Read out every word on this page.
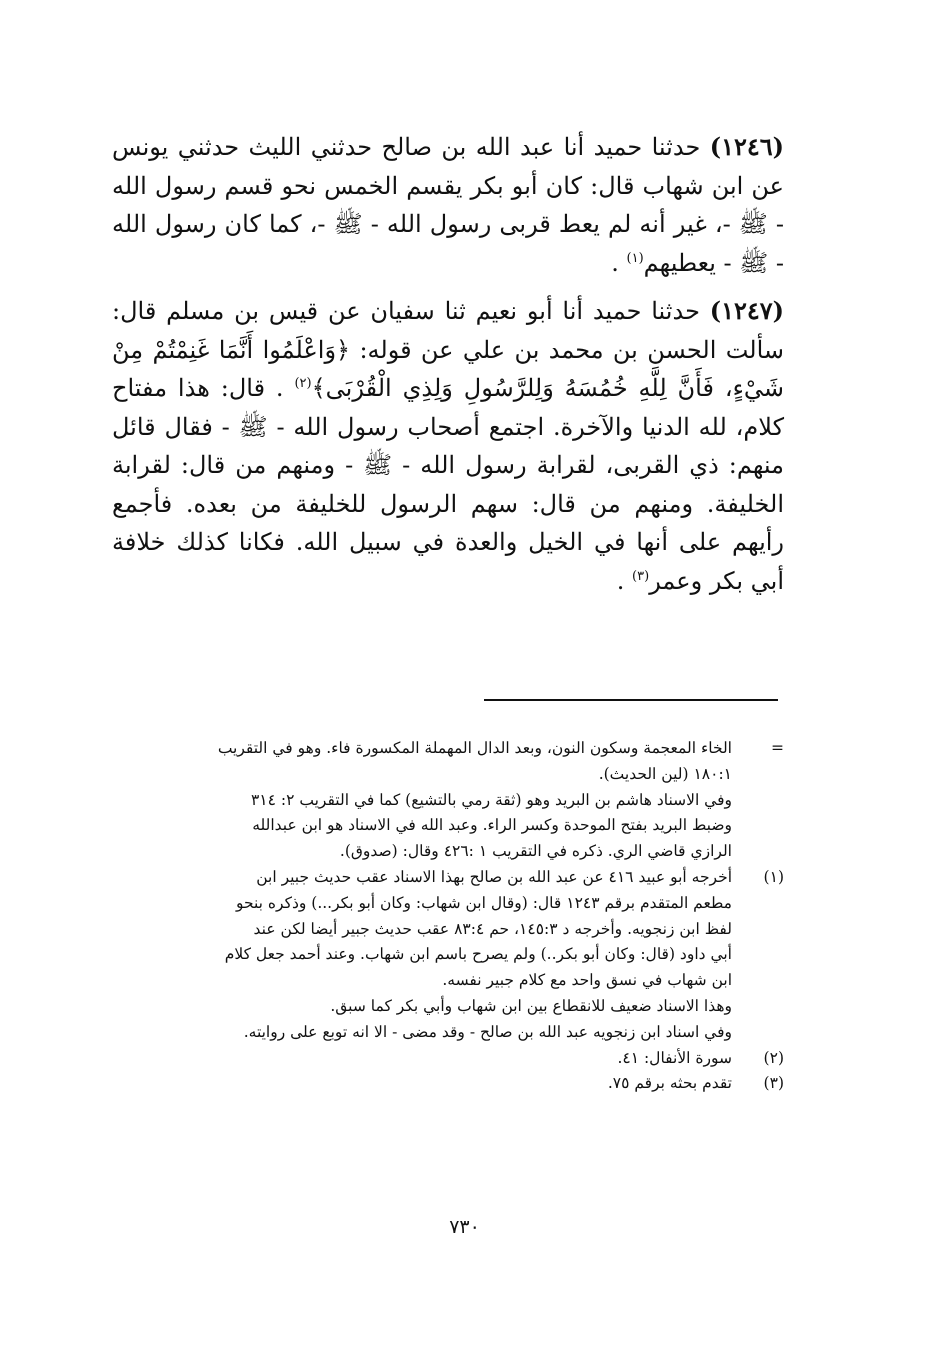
(١٢٤٦) حدثنا حميد أنا عبد الله بن صالح حدثني الليث حدثني يونس عن ابن شهاب قال: كان أبو بكر يقسم الخمس نحو قسم رسول الله - ﷺ -، غير أنه لم يعط قربى رسول الله - ﷺ -، كما كان رسول الله - ﷺ - يعطيهم$^{(١)}$ .

(١٢٤٧) حدثنا حميد أنا أبو نعيم ثنا سفيان عن قيس بن مسلم قال: سألت الحسن بن محمد بن علي عن قوله: ﴿وَاعْلَمُوا أَنَّمَا غَنِمْتُمْ مِنْ شَيْءٍ، فَأَنَّ لِلَّهِ خُمُسَهُ وَلِلرَّسُولِ وَلِذِي الْقُرْبَى﴾$^{(٢)}$ . قال: هذا مفتاح كلام، لله الدنيا والآخرة. اجتمع أصحاب رسول الله - ﷺ - فقال قائل منهم: ذي القربى، لقرابة رسول الله - ﷺ - ومنهم من قال: لقرابة الخليفة. ومنهم من قال: سهم الرسول للخليفة من بعده. فأجمع رأيهم على أنها في الخيل والعدة في سبيل الله. فكانا كذلك خلافة أبي بكر وعمر$^{(٣)}$ .

=
الخاء المعجمة وسكون النون، وبعد الدال المهملة المكسورة فاء. وهو في التقريب
١٨٠:١ (لين الحديث).
وفي الاسناد هاشم بن البريد وهو (ثقة رمي بالتشيع) كما في التقريب ٢: ٣١٤
وضبط البريد بفتح الموحدة وكسر الراء. وعبد الله في الاسناد هو ابن عبدالله
الرازي قاضي الري. ذكره في التقريب ١ :٤٢٦ وقال: (صدوق).
(١)
أخرجه أبو عبيد ٤١٦ عن عبد الله بن صالح بهذا الاسناد عقب حديث جبير ابن
مطعم المتقدم برقم ١٢٤٣ قال: (وقال ابن شهاب: وكان أبو بكر...) وذكره بنحو
لفظ ابن زنجويه. وأخرجه د ١٤٥:٣، حم ٨٣:٤ عقب حديث جبير أيضا لكن عند
أبي داود (قال: وكان أبو بكر..) ولم يصرح باسم ابن شهاب. وعند أحمد جعل كلام
ابن شهاب في نسق واحد مع كلام جبير نفسه.
وهذا الاسناد ضعيف للانقطاع بين ابن شهاب وأبي بكر كما سبق.
وفي اسناد ابن زنجويه عبد الله بن صالح - وقد مضى - الا انه توبع على روايته.
(٢)
سورة الأنفال: ٤١.
(٣)
تقدم بحثه برقم ٧٥.
٧٣٠
